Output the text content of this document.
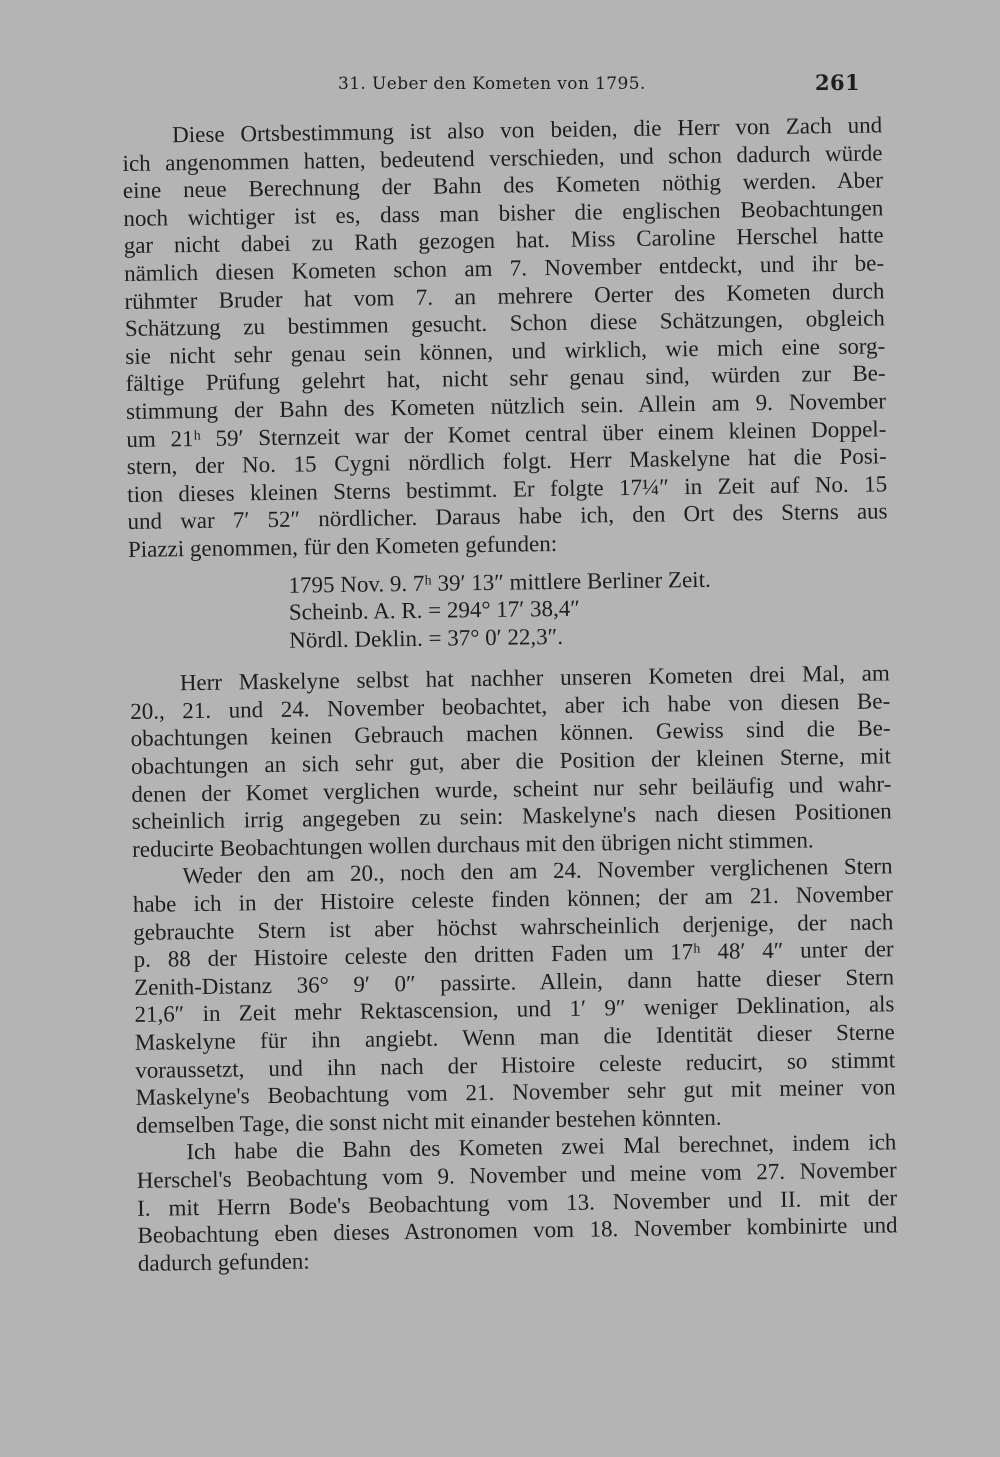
31. Ueber den Kometen von 1795.	261
Diese Ortsbestimmung ist also von beiden, die Herr von Zach und
ich angenommen hatten, bedeutend verschieden, und schon dadurch würde
eine neue Berechnung der Bahn des Kometen nöthig werden. Aber
noch wichtiger ist es, dass man bisher die englischen Beobachtungen
gar nicht dabei zu Rath gezogen hat. Miss Caroline Herschel hatte
nämlich diesen Kometen schon am 7. November entdeckt, und ihr be-
rühmter Bruder hat vom 7. an mehrere Oerter des Kometen durch
Schätzung zu bestimmen gesucht. Schon diese Schätzungen, obgleich
sie nicht sehr genau sein können, und wirklich, wie mich eine sorg-
fältige Prüfung gelehrt hat, nicht sehr genau sind, würden zur Be-
stimmung der Bahn des Kometen nützlich sein. Allein am 9. November
um 21ʰ 59′ Sternzeit war der Komet central über einem kleinen Doppel-
stern, der No. 15 Cygni nördlich folgt. Herr Maskelyne hat die Posi-
tion dieses kleinen Sterns bestimmt. Er folgte 17¼″ in Zeit auf No. 15
und war 7′ 52″ nördlicher. Daraus habe ich, den Ort des Sterns aus
Piazzi genommen, für den Kometen gefunden:
1795 Nov. 9. 7ʰ 39′ 13″ mittlere Berliner Zeit.
Scheinb. A. R. = 294° 17′ 38,4″
Nördl. Deklin. = 37° 0′ 22,3″.
Herr Maskelyne selbst hat nachher unseren Kometen drei Mal, am
20., 21. und 24. November beobachtet, aber ich habe von diesen Be-
obachtungen keinen Gebrauch machen können. Gewiss sind die Be-
obachtungen an sich sehr gut, aber die Position der kleinen Sterne, mit
denen der Komet verglichen wurde, scheint nur sehr beiläufig und wahr-
scheinlich irrig angegeben zu sein: Maskelyne's nach diesen Positionen
reducirte Beobachtungen wollen durchaus mit den übrigen nicht stimmen.
Weder den am 20., noch den am 24. November verglichenen Stern
habe ich in der Histoire celeste finden können; der am 21. November
gebrauchte Stern ist aber höchst wahrscheinlich derjenige, der nach
p. 88 der Histoire celeste den dritten Faden um 17ʰ 48′ 4″ unter der
Zenith-Distanz 36° 9′ 0″ passirte. Allein, dann hatte dieser Stern
21,6″ in Zeit mehr Rektascension, und 1′ 9″ weniger Deklination, als
Maskelyne für ihn angiebt. Wenn man die Identität dieser Sterne
voraussetzt, und ihn nach der Histoire celeste reducirt, so stimmt
Maskelyne's Beobachtung vom 21. November sehr gut mit meiner von
demselben Tage, die sonst nicht mit einander bestehen könnten.
Ich habe die Bahn des Kometen zwei Mal berechnet, indem ich
Herschel's Beobachtung vom 9. November und meine vom 27. November
I. mit Herrn Bode's Beobachtung vom 13. November und II. mit der
Beobachtung eben dieses Astronomen vom 18. November kombinirte und
dadurch gefunden:
